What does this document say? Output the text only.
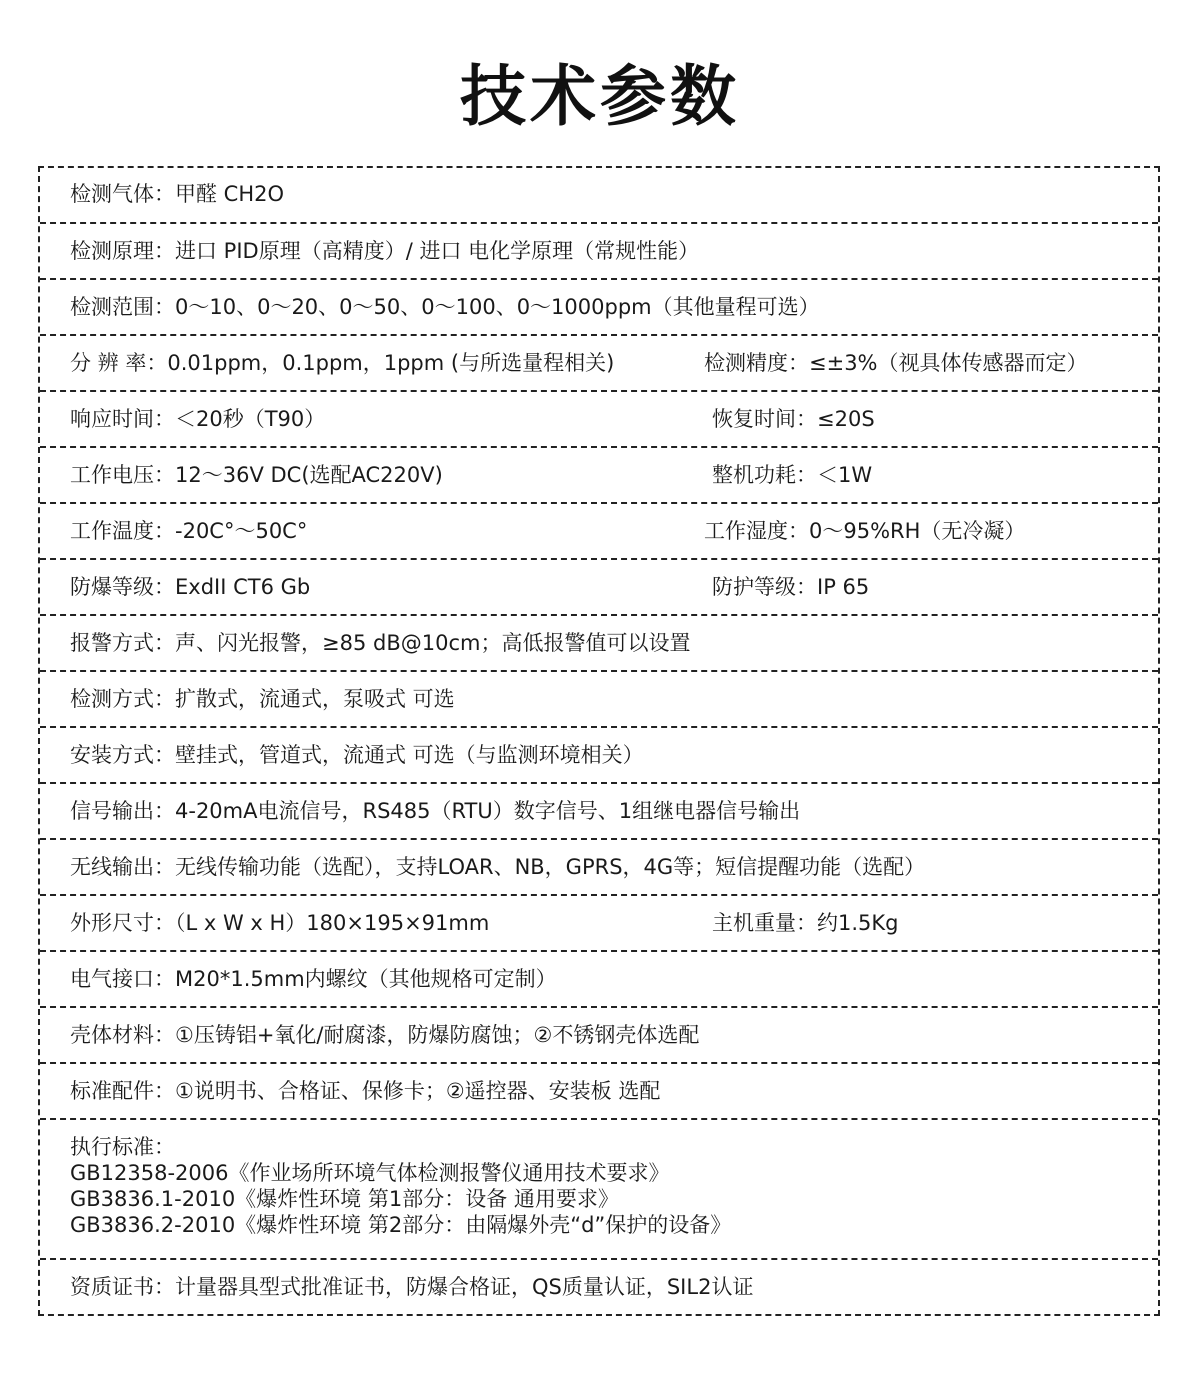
技术参数
检测气体：甲醛 CH2O
检测原理：进口 PID原理（高精度）/ 进口 电化学原理（常规性能）
检测范围：0～10、0～20、0～50、0～100、0～1000ppm（其他量程可选）
分 辨 率：0.01ppm，0.1ppm，1ppm (与所选量程相关)	检测精度：≤±3%（视具体传感器而定）
响应时间：＜20秒（T90）	恢复时间：≤20S
工作电压：12～36V DC(选配AC220V)	整机功耗：＜1W
工作温度：-20C°～50C°	工作湿度：0～95%RH（无冷凝）
防爆等级：ExdII CT6 Gb	防护等级：IP 65
报警方式：声、闪光报警，≥85 dB@10cm；高低报警值可以设置
检测方式：扩散式，流通式，泵吸式 可选
安装方式：壁挂式，管道式，流通式 可选（与监测环境相关）
信号输出：4-20mA电流信号，RS485（RTU）数字信号、1组继电器信号输出
无线输出：无线传输功能（选配），支持LOAR、NB，GPRS，4G等；短信提醒功能（选配）
外形尺寸：（L x W x H）180×195×91mm	主机重量：约1.5Kg
电气接口：M20*1.5mm内螺纹（其他规格可定制）
壳体材料：①压铸铝+氧化/耐腐漆，防爆防腐蚀；②不锈钢壳体选配
标准配件：①说明书、合格证、保修卡；②遥控器、安装板 选配
执行标准：
GB12358-2006《作业场所环境气体检测报警仪通用技术要求》
GB3836.1-2010《爆炸性环境 第1部分：设备 通用要求》
GB3836.2-2010《爆炸性环境 第2部分：由隔爆外壳“d”保护的设备》
资质证书：计量器具型式批准证书，防爆合格证，QS质量认证，SIL2认证
